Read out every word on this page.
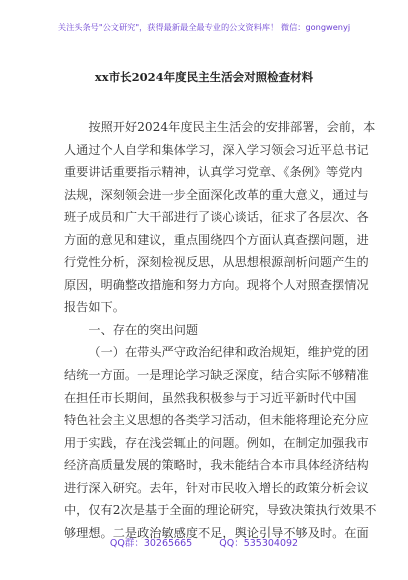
关注头条号"公文研究"，获得最新最全最专业的公文资料库！ 微信：gongwenyj
xx市长2024年度民主生活会对照检查材料
按照开好2024年度民主生活会的安排部署，会前，本
人通过个人自学和集体学习，深入学习领会习近平总书记
重要讲话重要指示精神，认真学习党章、《条例》等党内
法规，深刻领会进一步全面深化改革的重大意义，通过与
班子成员和广大干部进行了谈心谈话，征求了各层次、各
方面的意见和建议，重点围绕四个方面认真查摆问题，进
行党性分析，深刻检视反思，从思想根源剖析问题产生的
原因，明确整改措施和努力方向。现将个人对照查摆情况
报告如下。
一、存在的突出问题
（一）在带头严守政治纪律和政治规矩，维护党的团
结统一方面。一是理论学习缺乏深度，结合实际不够精准
在担任市长期间，虽然我积极参与于习近平新时代中国
特色社会主义思想的各类学习活动，但未能将理论充分应
用于实践，存在浅尝辄止的问题。例如，在制定加强我市
经济高质量发展的策略时，我未能结合本市具体经济结构
进行深入研究。去年，针对市民收入增长的政策分析会议
中，仅有2次是基于全面的理论研究，导致决策执行效果不
够理想。二是政治敏感度不足，舆论引导不够及时。在面
QQ群：30265665	QQ：535304092
